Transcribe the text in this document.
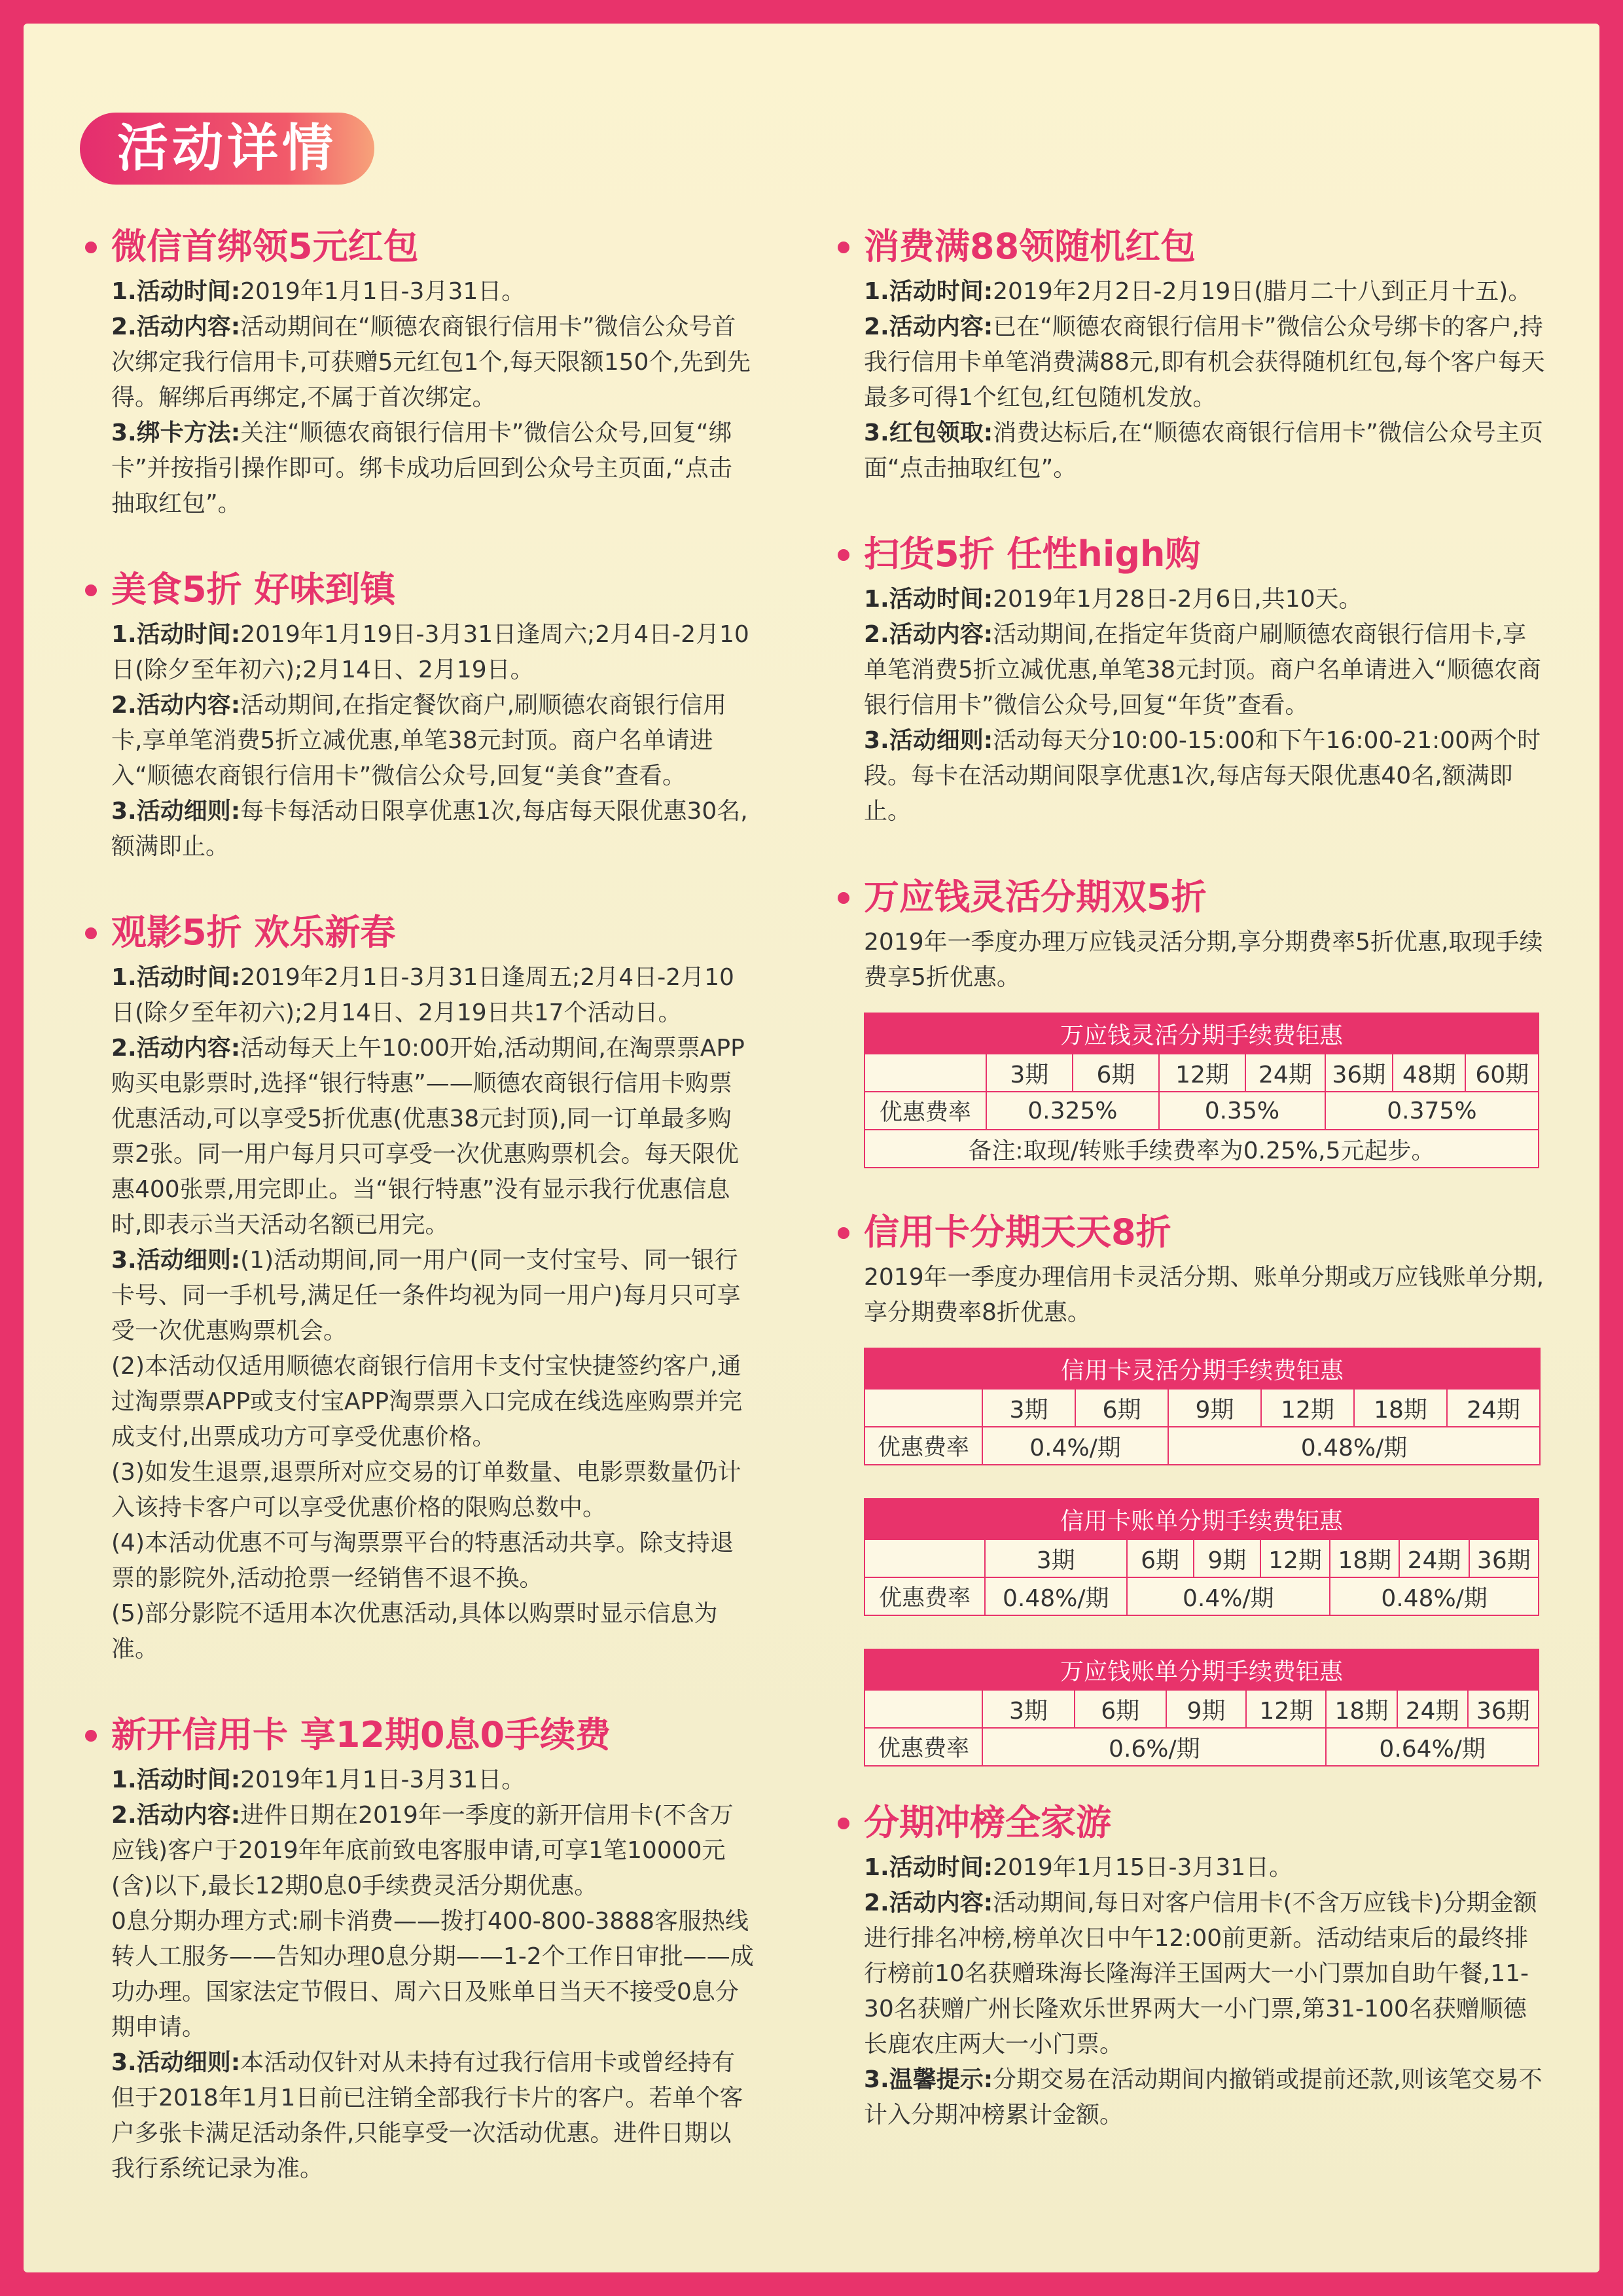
活动详情
微信首绑领5元红包
1.活动时间:2019年1月1日-3月31日。
2.活动内容:活动期间在“顺德农商银行信用卡”微信公众号首次绑定我行信用卡,可获赠5元红包1个,每天限额150个,先到先得。解绑后再绑定,不属于首次绑定。
3.绑卡方法:关注“顺德农商银行信用卡”微信公众号,回复“绑卡”并按指引操作即可。绑卡成功后回到公众号主页面,“点击抽取红包”。
美食5折 好味到镇
1.活动时间:2019年1月19日-3月31日逢周六;2月4日-2月10日(除夕至年初六);2月14日、2月19日。
2.活动内容:活动期间,在指定餐饮商户,刷顺德农商银行信用卡,享单笔消费5折立减优惠,单笔38元封顶。商户名单请进入“顺德农商银行信用卡”微信公众号,回复“美食”查看。
3.活动细则:每卡每活动日限享优惠1次,每店每天限优惠30名,额满即止。
观影5折 欢乐新春
1.活动时间:2019年2月1日-3月31日逢周五;2月4日-2月10日(除夕至年初六);2月14日、2月19日共17个活动日。
2.活动内容:活动每天上午10:00开始,活动期间,在淘票票APP购买电影票时,选择“银行特惠”——顺德农商银行信用卡购票优惠活动,可以享受5折优惠(优惠38元封顶),同一订单最多购票2张。同一用户每月只可享受一次优惠购票机会。每天限优惠400张票,用完即止。当“银行特惠”没有显示我行优惠信息时,即表示当天活动名额已用完。
3.活动细则:(1)活动期间,同一用户(同一支付宝号、同一银行卡号、同一手机号,满足任一条件均视为同一用户)每月只可享受一次优惠购票机会。
(2)本活动仅适用顺德农商银行信用卡支付宝快捷签约客户,通过淘票票APP或支付宝APP淘票票入口完成在线选座购票并完成支付,出票成功方可享受优惠价格。
(3)如发生退票,退票所对应交易的订单数量、电影票数量仍计入该持卡客户可以享受优惠价格的限购总数中。
(4)本活动优惠不可与淘票票平台的特惠活动共享。除支持退票的影院外,活动抢票一经销售不退不换。
(5)部分影院不适用本次优惠活动,具体以购票时显示信息为准。
新开信用卡 享12期0息0手续费
1.活动时间:2019年1月1日-3月31日。
2.活动内容:进件日期在2019年一季度的新开信用卡(不含万应钱)客户于2019年年底前致电客服申请,可享1笔10000元(含)以下,最长12期0息0手续费灵活分期优惠。
0息分期办理方式:刷卡消费——拨打400-800-3888客服热线转人工服务——告知办理0息分期——1-2个工作日审批——成功办理。国家法定节假日、周六日及账单日当天不接受0息分期申请。
3.活动细则:本活动仅针对从未持有过我行信用卡或曾经持有但于2018年1月1日前已注销全部我行卡片的客户。若单个客户多张卡满足活动条件,只能享受一次活动优惠。进件日期以我行系统记录为准。
消费满88领随机红包
1.活动时间:2019年2月2日-2月19日(腊月二十八到正月十五)。
2.活动内容:已在“顺德农商银行信用卡”微信公众号绑卡的客户,持我行信用卡单笔消费满88元,即有机会获得随机红包,每个客户每天最多可得1个红包,红包随机发放。
3.红包领取:消费达标后,在“顺德农商银行信用卡”微信公众号主页面“点击抽取红包”。
扫货5折 任性high购
1.活动时间:2019年1月28日-2月6日,共10天。
2.活动内容:活动期间,在指定年货商户刷顺德农商银行信用卡,享单笔消费5折立减优惠,单笔38元封顶。商户名单请进入“顺德农商银行信用卡”微信公众号,回复“年货”查看。
3.活动细则:活动每天分10:00-15:00和下午16:00-21:00两个时段。每卡在活动期间限享优惠1次,每店每天限优惠40名,额满即止。
万应钱灵活分期双5折
2019年一季度办理万应钱灵活分期,享分期费率5折优惠,取现手续费享5折优惠。
万应钱灵活分期手续费钜惠							
	3期	6期	12期	24期	36期	48期	60期
优惠费率	0.325%		0.35%		0.375%		
备注:取现/转账手续费率为0.25%,5元起步。							
信用卡分期天天8折
2019年一季度办理信用卡灵活分期、账单分期或万应钱账单分期,享分期费率8折优惠。
信用卡灵活分期手续费钜惠						
	3期	6期	9期	12期	18期	24期
优惠费率	0.4%/期		0.48%/期			
信用卡账单分期手续费钜惠							
	3期	6期	9期	12期	18期	24期	36期
优惠费率	0.48%/期	0.4%/期			0.48%/期		
万应钱账单分期手续费钜惠							
	3期	6期	9期	12期	18期	24期	36期
优惠费率	0.6%/期				0.64%/期		
分期冲榜全家游
1.活动时间:2019年1月15日-3月31日。
2.活动内容:活动期间,每日对客户信用卡(不含万应钱卡)分期金额进行排名冲榜,榜单次日中午12:00前更新。活动结束后的最终排行榜前10名获赠珠海长隆海洋王国两大一小门票加自助午餐,11-30名获赠广州长隆欢乐世界两大一小门票,第31-100名获赠顺德长鹿农庄两大一小门票。
3.温馨提示:分期交易在活动期间内撤销或提前还款,则该笔交易不计入分期冲榜累计金额。
